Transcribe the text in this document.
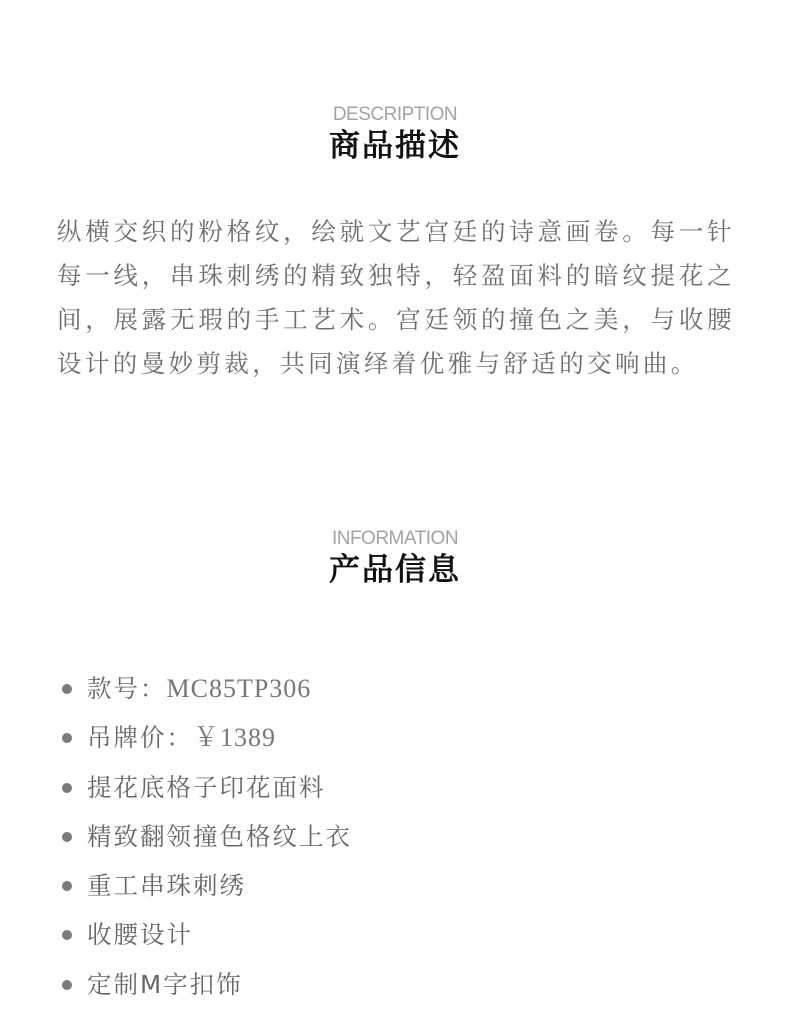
DESCRIPTION
商品描述

纵横交织的粉格纹，绘就文艺宫廷的诗意画卷。每一针每一线，串珠刺绣的精致独特，轻盈面料的暗纹提花之间，展露无瑕的手工艺术。宫廷领的撞色之美，与收腰设计的曼妙剪裁，共同演绎着优雅与舒适的交响曲。

INFORMATION
产品信息
款号：MC85TP306
吊牌价：￥1389
提花底格子印花面料
精致翻领撞色格纹上衣
重工串珠刺绣
收腰设计
定制M字扣饰
